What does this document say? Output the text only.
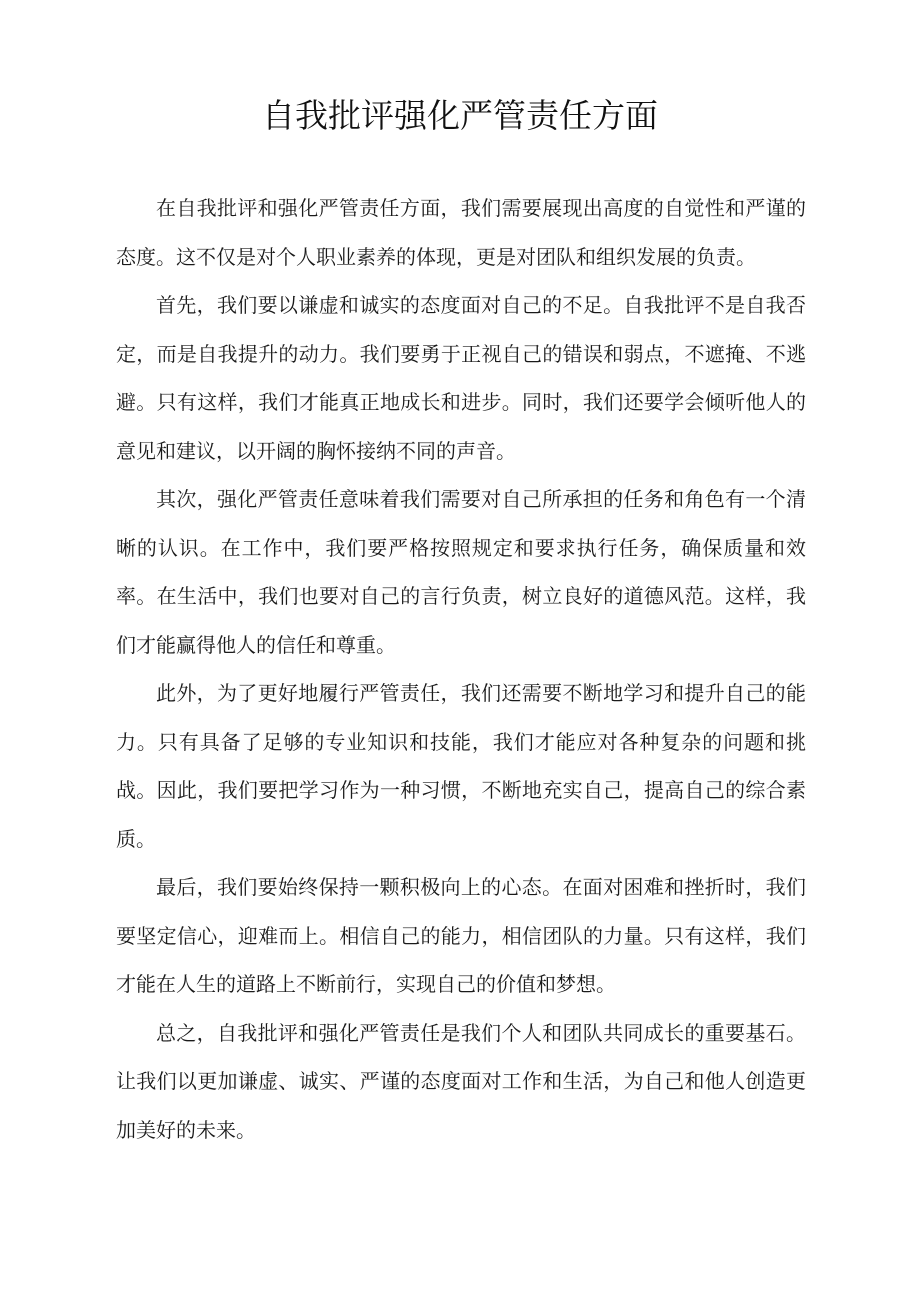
自我批评强化严管责任方面

在自我批评和强化严管责任方面，我们需要展现出高度的自觉性和严谨的态度。这不仅是对个人职业素养的体现，更是对团队和组织发展的负责。

首先，我们要以谦虚和诚实的态度面对自己的不足。自我批评不是自我否定，而是自我提升的动力。我们要勇于正视自己的错误和弱点，不遮掩、不逃避。只有这样，我们才能真正地成长和进步。同时，我们还要学会倾听他人的意见和建议，以开阔的胸怀接纳不同的声音。

其次，强化严管责任意味着我们需要对自己所承担的任务和角色有一个清晰的认识。在工作中，我们要严格按照规定和要求执行任务，确保质量和效率。在生活中，我们也要对自己的言行负责，树立良好的道德风范。这样，我们才能赢得他人的信任和尊重。

此外，为了更好地履行严管责任，我们还需要不断地学习和提升自己的能力。只有具备了足够的专业知识和技能，我们才能应对各种复杂的问题和挑战。因此，我们要把学习作为一种习惯，不断地充实自己，提高自己的综合素质。

最后，我们要始终保持一颗积极向上的心态。在面对困难和挫折时，我们要坚定信心，迎难而上。相信自己的能力，相信团队的力量。只有这样，我们才能在人生的道路上不断前行，实现自己的价值和梦想。

总之，自我批评和强化严管责任是我们个人和团队共同成长的重要基石。让我们以更加谦虚、诚实、严谨的态度面对工作和生活，为自己和他人创造更加美好的未来。
